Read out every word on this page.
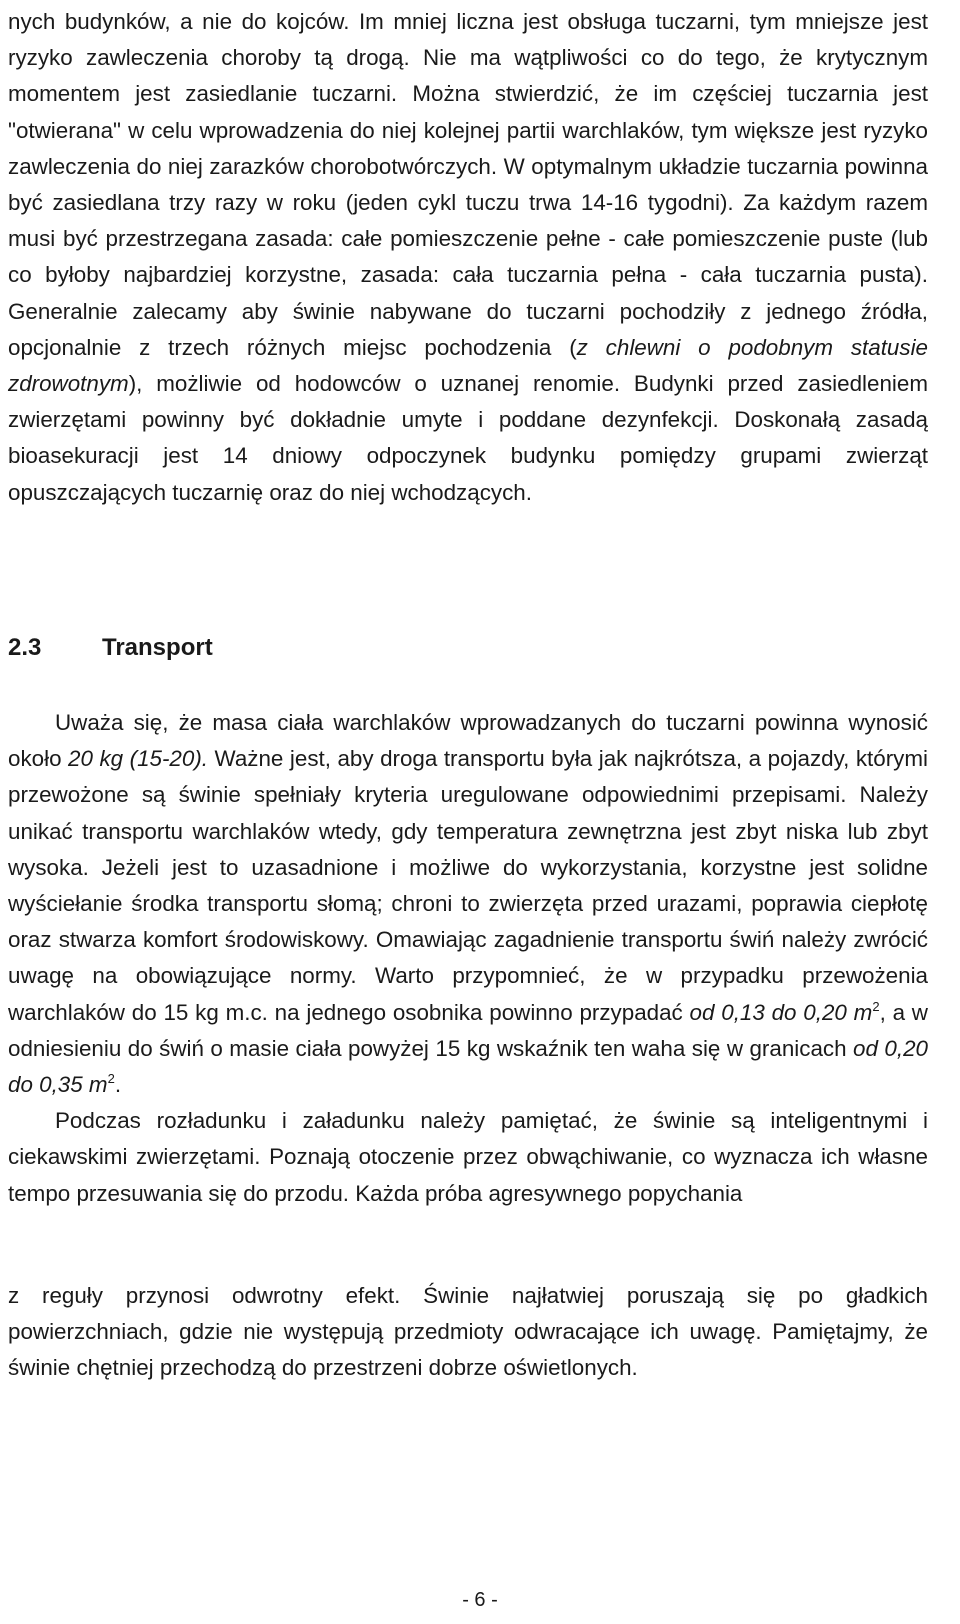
nych budynków, a nie do kojców. Im mniej liczna jest obsługa tuczarni, tym mniejsze jest ryzyko zawleczenia choroby tą drogą. Nie ma wątpliwości co do tego, że krytycznym momentem jest zasiedlanie tuczarni. Można stwierdzić, że im częściej tuczarnia jest "otwierana" w celu wprowadzenia do niej kolejnej partii warchlaków, tym większe jest ryzyko zawleczenia do niej zarazków chorobotwórczych. W optymalnym układzie tuczarnia powinna być zasiedlana trzy razy w roku (jeden cykl tuczu trwa 14-16 tygodni). Za każdym razem musi być przestrzegana zasada: całe pomieszczenie pełne - całe pomieszczenie puste (lub co byłoby najbardziej korzystne, zasada: cała tuczarnia pełna - cała tuczarnia pusta). Generalnie zalecamy aby świnie nabywane do tuczarni pochodziły z jednego źródła, opcjonalnie z trzech różnych miejsc pochodzenia (z chlewni o podobnym statusie zdrowotnym), możliwie od hodowców o uznanej renomie. Budynki przed zasiedleniem zwierzętami powinny być dokładnie umyte i poddane dezynfekcji. Doskonałą zasadą bioasekuracji jest 14 dniowy odpoczynek budynku pomiędzy grupami zwierząt opuszczających tuczarnię oraz do niej wchodzących.

2.3	Transport

Uważa się, że masa ciała warchlaków wprowadzanych do tuczarni powinna wynosić około 20 kg (15-20). Ważne jest, aby droga transportu była jak najkrótsza, a pojazdy, którymi przewożone są świnie spełniały kryteria uregulowane odpowiednimi przepisami. Należy unikać transportu warchlaków wtedy, gdy temperatura zewnętrzna jest zbyt niska lub zbyt wysoka. Jeżeli jest to uzasadnione i możliwe do wykorzystania, korzystne jest solidne wyściełanie środka transportu słomą; chroni to zwierzęta przed urazami, poprawia ciepłotę oraz stwarza komfort środowiskowy. Omawiając zagadnienie transportu świń należy zwrócić uwagę na obowiązujące normy. Warto przypomnieć, że w przypadku przewożenia warchlaków do 15 kg m.c. na jednego osobnika powinno przypadać od 0,13 do 0,20 $m^2$, a w odniesieniu do świń o masie ciała powyżej 15 kg wskaźnik ten waha się w granicach od 0,20 do 0,35 $m^2$.

Podczas rozładunku i załadunku należy pamiętać, że świnie są inteligentnymi i ciekawskimi zwierzętami. Poznają otoczenie przez obwąchiwanie, co wyznacza ich własne tempo przesuwania się do przodu. Każda próba agresywnego popychania

z reguły przynosi odwrotny efekt. Świnie najłatwiej poruszają się po gładkich powierzchniach, gdzie nie występują przedmioty odwracające ich uwagę. Pamiętajmy, że świnie chętniej przechodzą do przestrzeni dobrze oświetlonych.

- 6 -
